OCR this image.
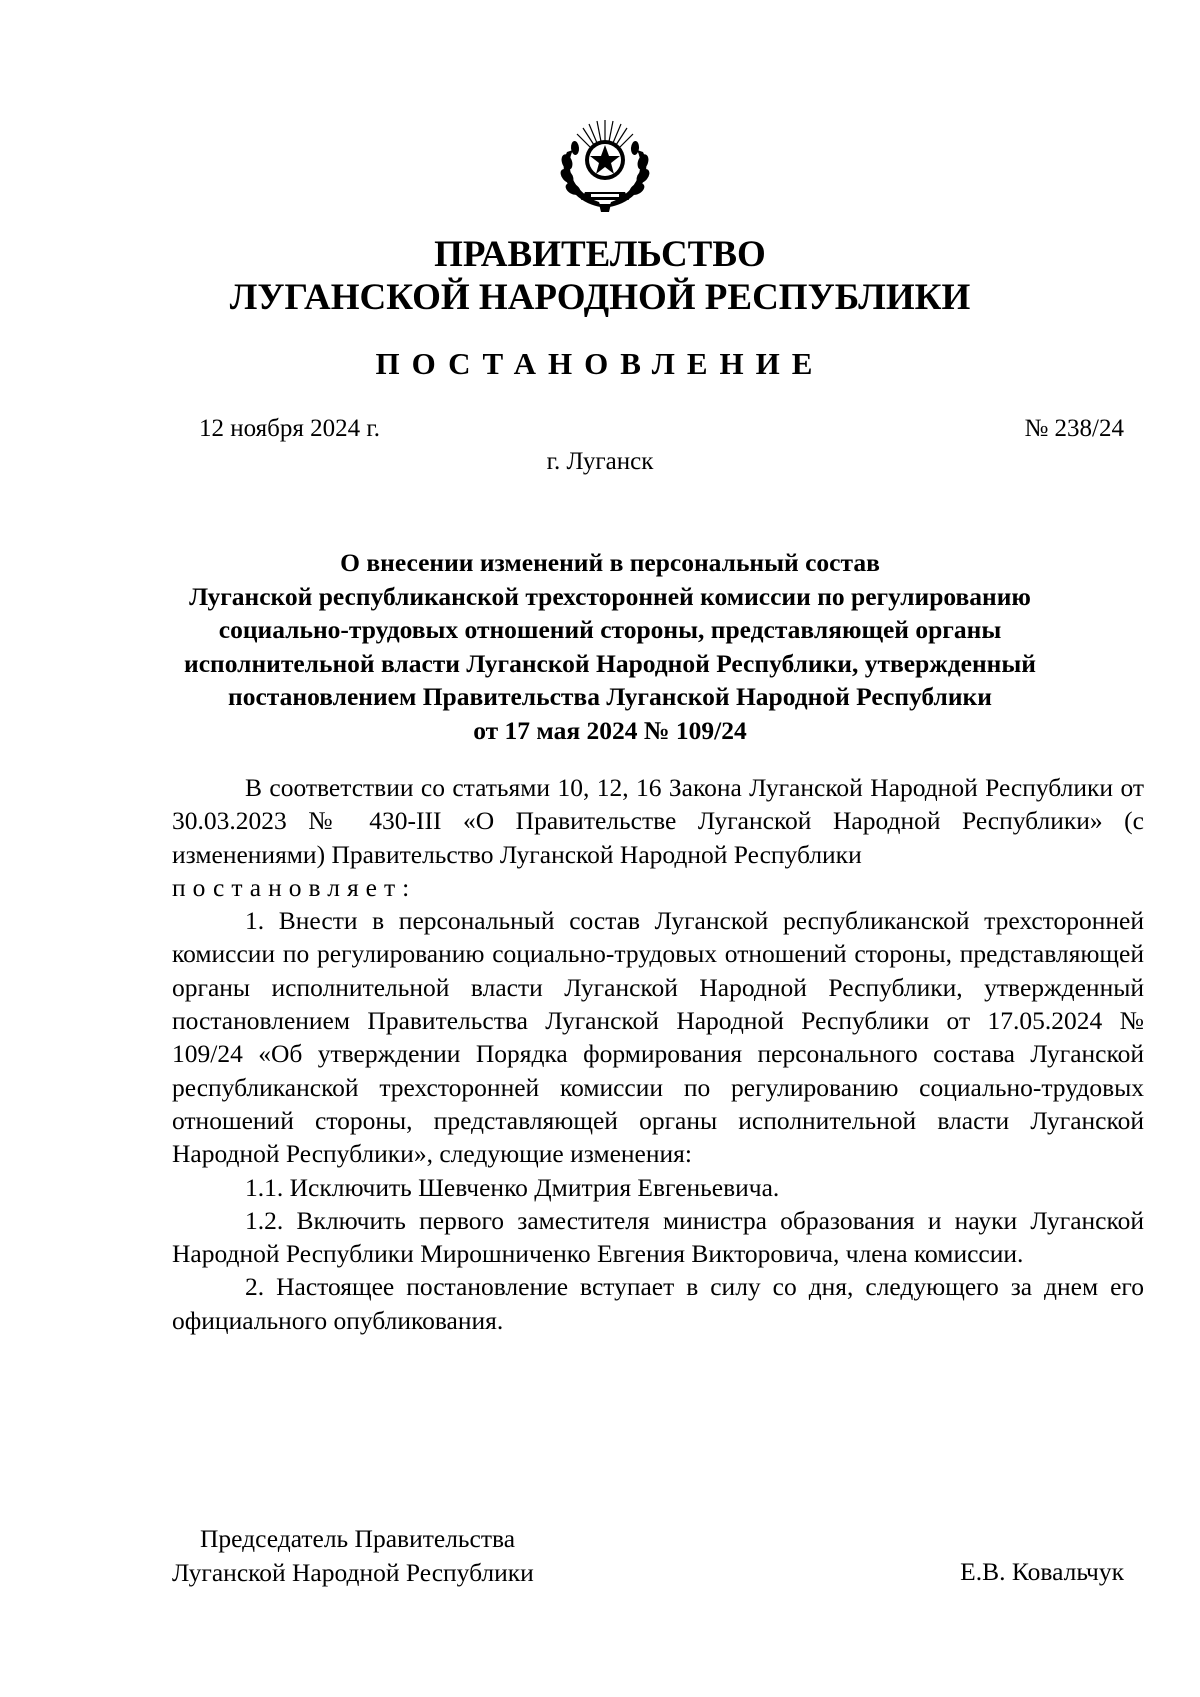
ПРАВИТЕЛЬСТВО
ЛУГАНСКОЙ НАРОДНОЙ РЕСПУБЛИКИ
ПОСТАНОВЛЕНИЕ
12 ноября 2024 г.	№ 238/24
г. Луганск
О внесении изменений в персональный состав
Луганской республиканской трехсторонней комиссии по регулированию
социально-трудовых отношений стороны, представляющей органы
исполнительной власти Луганской Народной Республики, утвержденный
постановлением Правительства Луганской Народной Республики
от 17 мая 2024 № 109/24

В соответствии со статьями 10, 12, 16 Закона Луганской Народной Республики от 30.03.2023 № 430-III «О Правительстве Луганской Народной Республики» (с изменениями) Правительство Луганской Народной Республики

постановляет:

1. Внести в персональный состав Луганской республиканской трехсторонней комиссии по регулированию социально-трудовых отношений стороны, представляющей органы исполнительной власти Луганской Народной Республики, утвержденный постановлением Правительства Луганской Народной Республики от 17.05.2024 № 109/24 «Об утверждении Порядка формирования персонального состава Луганской республиканской трехсторонней комиссии по регулированию социально-трудовых отношений стороны, представляющей органы исполнительной власти Луганской Народной Республики», следующие изменения:

1.1. Исключить Шевченко Дмитрия Евгеньевича.

1.2. Включить первого заместителя министра образования и науки Луганской Народной Республики Мирошниченко Евгения Викторовича, члена комиссии.

2. Настоящее постановление вступает в силу со дня, следующего за днем его официального опубликования.

Председатель Правительства
Луганской Народной Республики	Е.В. Ковальчук
